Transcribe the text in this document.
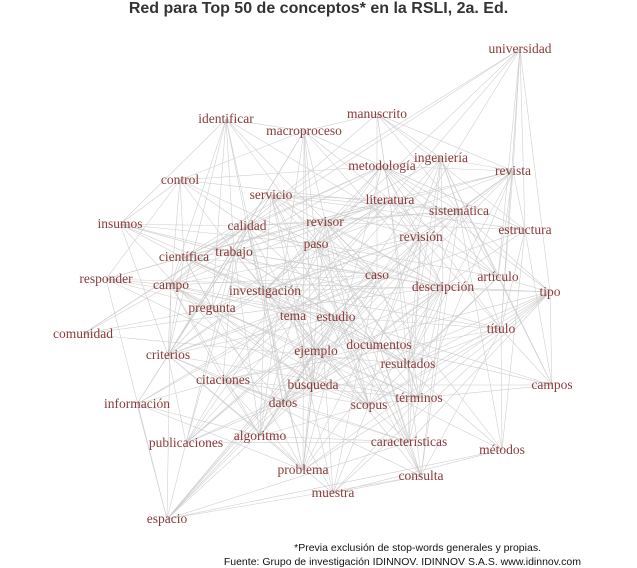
Red para Top 50 de conceptos* en la RSLI, 2a. Ed.
universidad
identificar	manuscrito
macroproceso
metodología
ingeniería
revista
control
servicio	literatura
sistemática
insumos	calidad	revisor
estructura
trabajo
científica
paso	revisión
responder campo
caso	artículo
investigación	descripción	tipo
pregunta
comunidad
tema estudio
título
criterios
documentos
ejemplo
resultados
citaciones	campos
búsqueda
información	datos	scopus términos
algoritmo
publicaciones	características
métodos
problema	consulta
muestra
espacio
*Previa exclusión de stop-words generales y propias.
Fuente: Grupo de investigación IDINNOV. IDINNOV S.A.S. www.idinnov.com
